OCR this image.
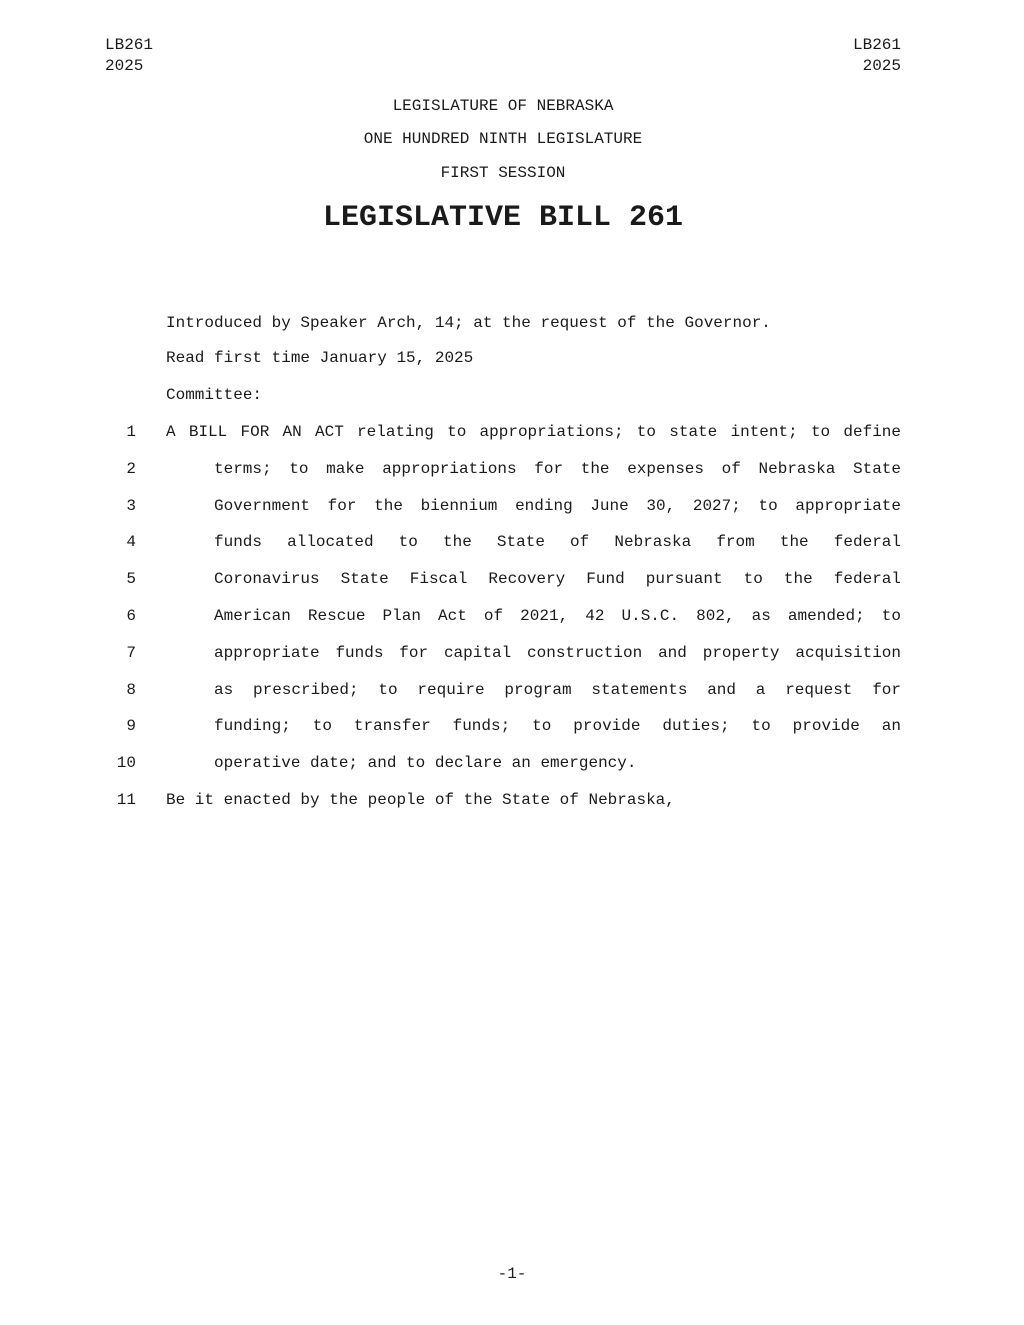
LB261
2025
LB261
2025
LEGISLATURE OF NEBRASKA
ONE HUNDRED NINTH LEGISLATURE
FIRST SESSION
LEGISLATIVE BILL 261
Introduced by Speaker Arch, 14; at the request of the Governor.
Read first time January 15, 2025
Committee:
1 A BILL FOR AN ACT relating to appropriations; to state intent; to define
2	terms; to make appropriations for the expenses of Nebraska State
3	Government for the biennium ending June 30, 2027; to appropriate
4	funds allocated to the State of Nebraska from the federal
5	Coronavirus State Fiscal Recovery Fund pursuant to the federal
6	American Rescue Plan Act of 2021, 42 U.S.C. 802, as amended; to
7	appropriate funds for capital construction and property acquisition
8	as prescribed; to require program statements and a request for
9	funding; to transfer funds; to provide duties; to provide an
10	operative date; and to declare an emergency.
11 Be it enacted by the people of the State of Nebraska,
-1-
